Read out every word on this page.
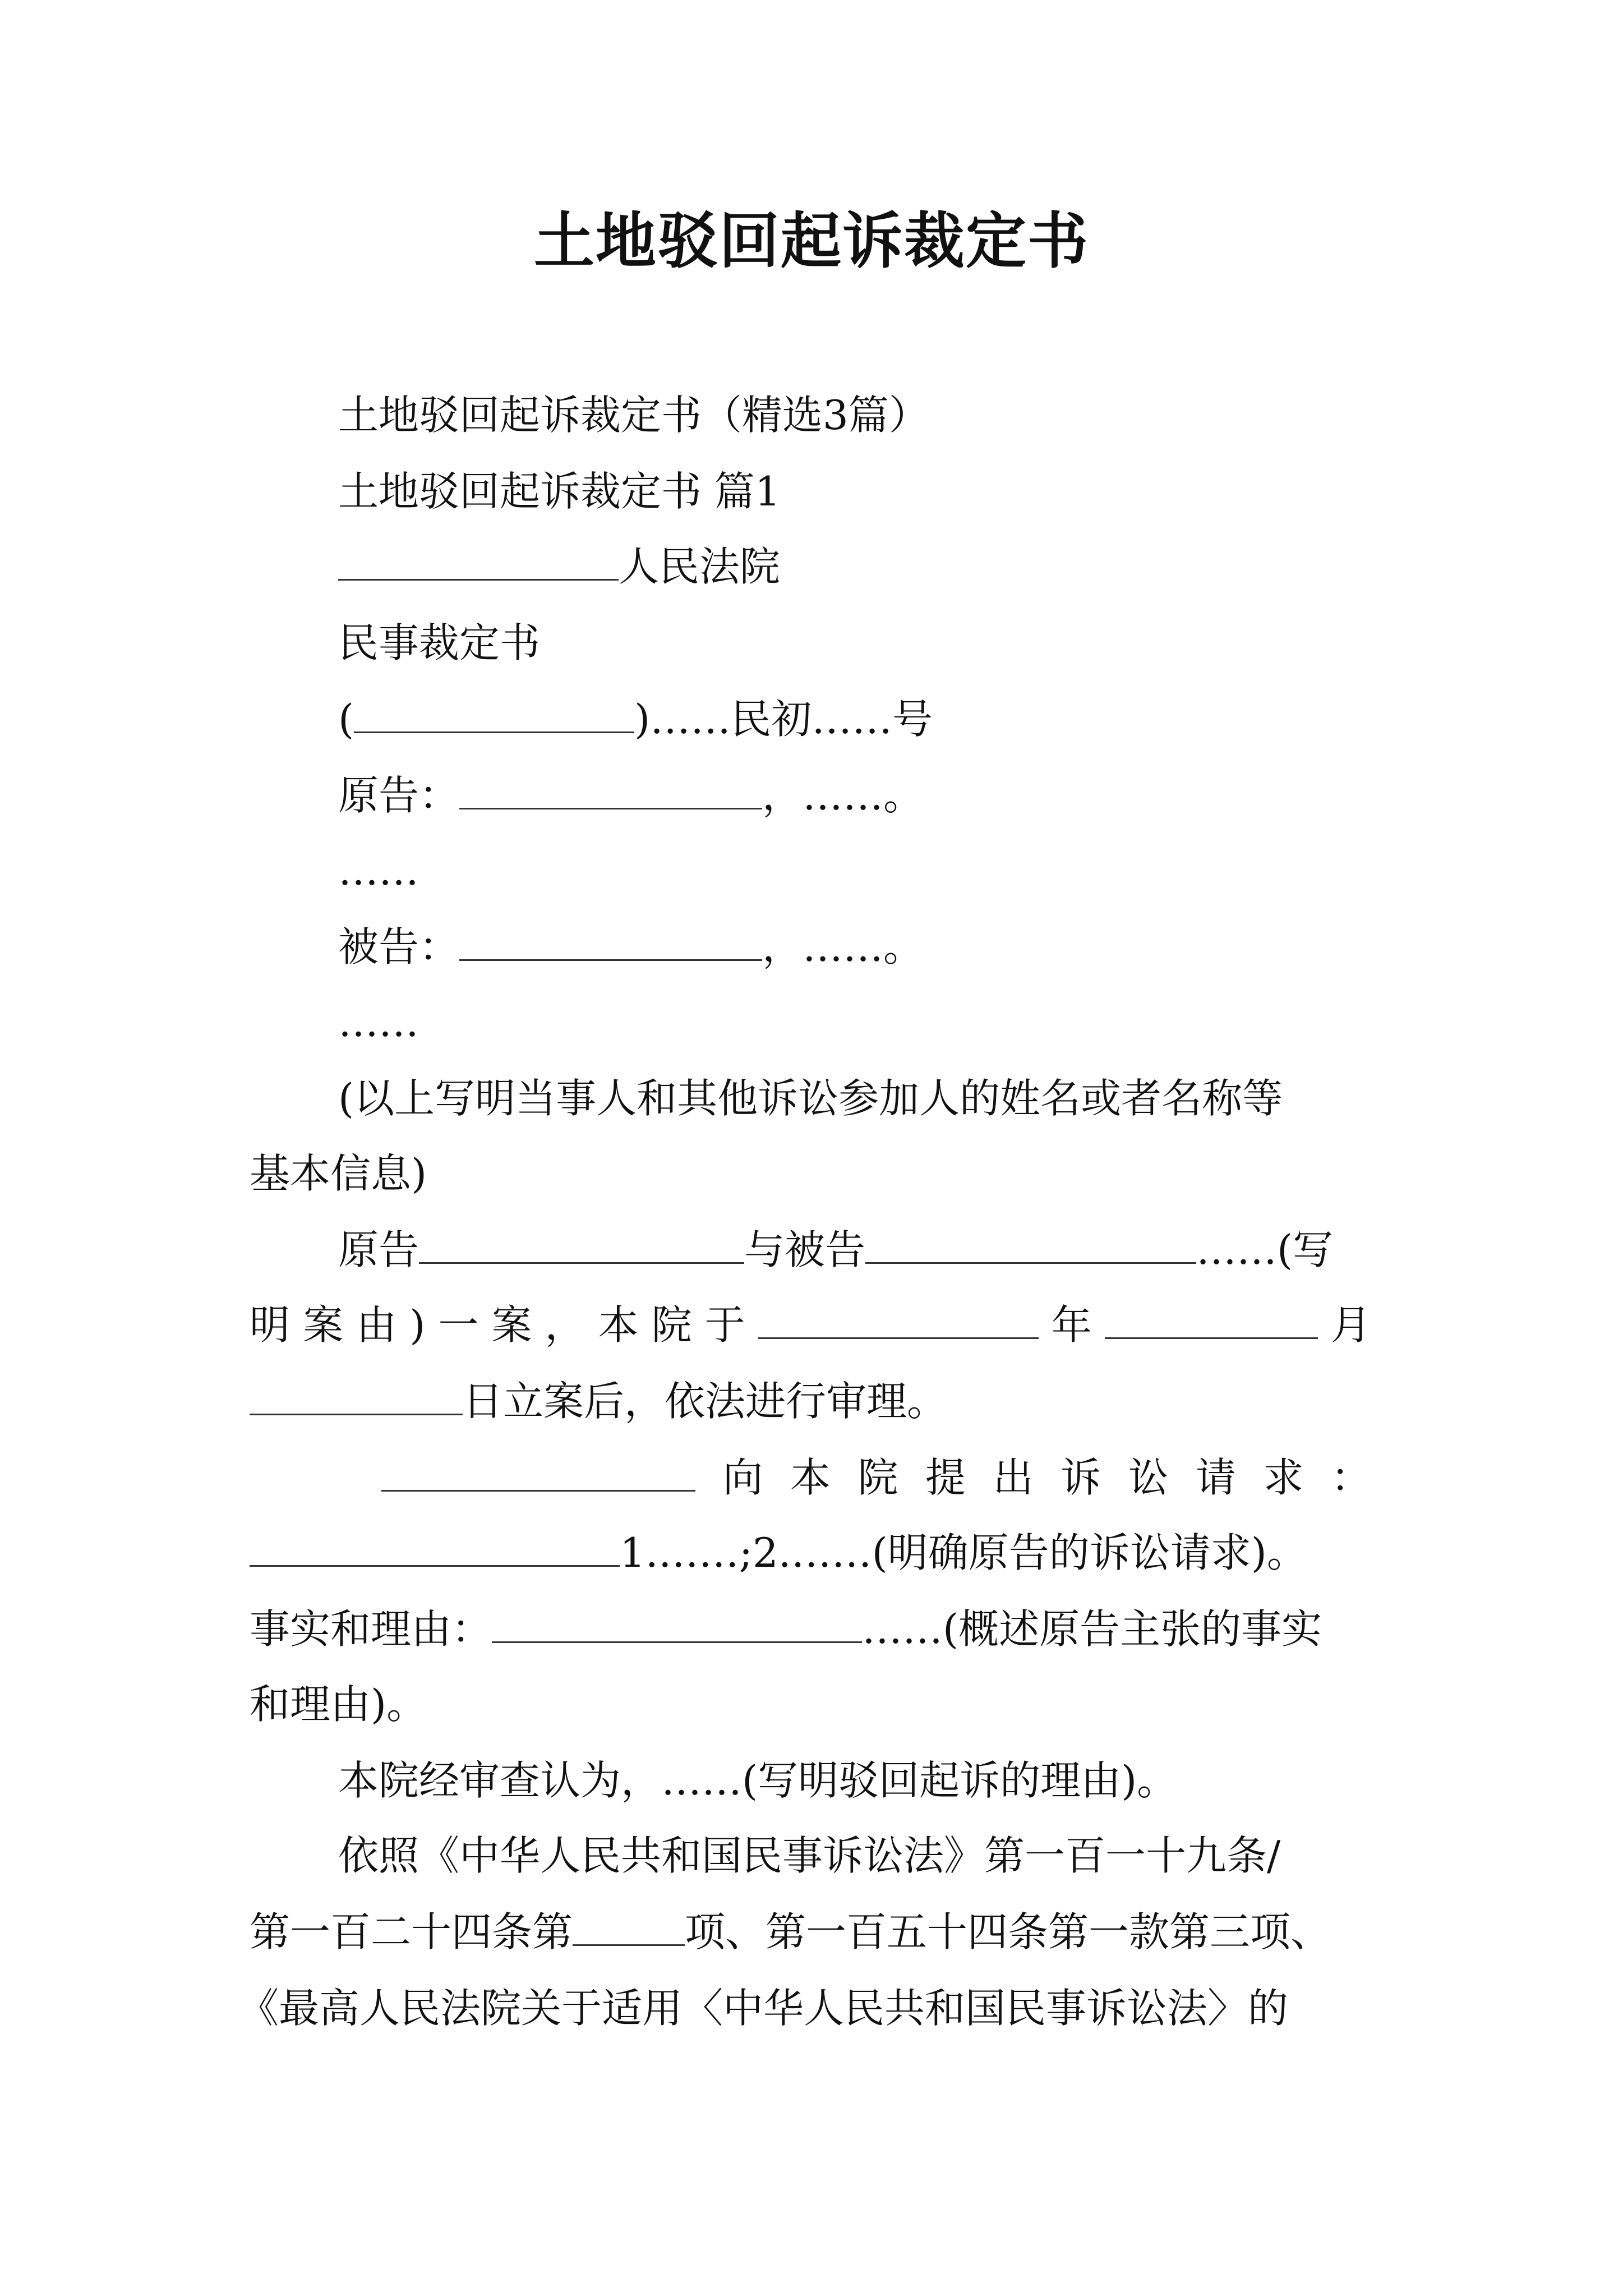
土地驳回起诉裁定书
土地驳回起诉裁定书（精选3篇）
土地驳回起诉裁定书 篇1
人民法院
民事裁定书
(	)……民初……号
原告：	，……。
……
被告：	，……。
……
(以上写明当事人和其他诉讼参加人的姓名或者名称等
基本信息)
原告	与被告	……(写
明 案 由 ) 一 案 ， 本 院 于	年	月
日立案后，依法进行审理。
向 本 院 提 出 诉 讼 请 求 ：
1.……;2.……(明确原告的诉讼请求)。
事实和理由：	……(概述原告主张的事实
和理由)。
本院经审查认为，……(写明驳回起诉的理由)。
依照《中华人民共和国民事诉讼法》第一百一十九条/
第一百二十四条第	项、第一百五十四条第一款第三项、
《最高人民法院关于适用〈中华人民共和国民事诉讼法〉的
